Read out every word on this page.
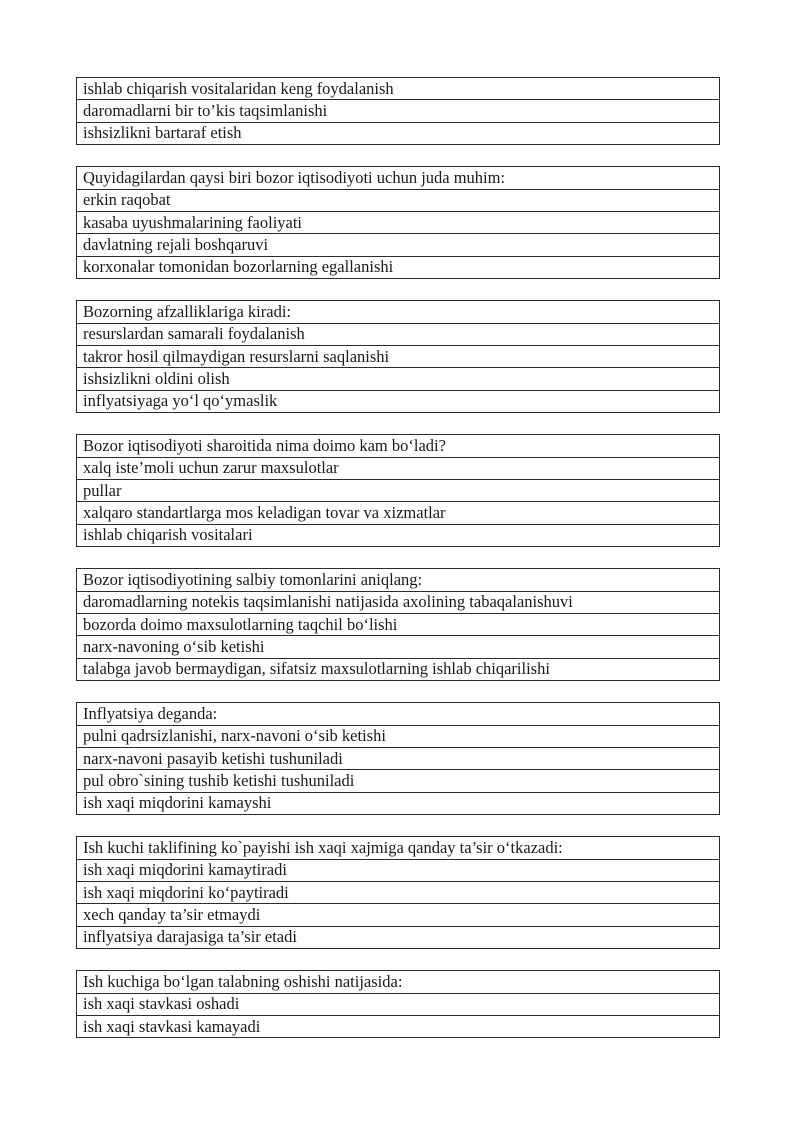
ishlab chiqarish vositalaridan keng foydalanish
daromadlarni bir to’kis taqsimlanishi
ishsizlikni bartaraf etish
Quyidagilardan qaysi biri bozor iqtisodiyoti uchun juda muhim:
erkin raqobat
kasaba uyushmalarining faoliyati
davlatning rejali boshqaruvi
korxonalar tomonidan bozorlarning egallanishi
Bozorning afzalliklariga kiradi:
resurslardan samarali foydalanish
takror hosil qilmaydigan resurslarni saqlanishi
ishsizlikni oldini olish
inflyatsiyaga yo‘l qo‘ymaslik
Bozor iqtisodiyoti sharoitida nima doimo kam bo‘ladi?
xalq iste’moli uchun zarur maxsulotlar
pullar
xalqaro standartlarga mos keladigan tovar va xizmatlar
ishlab chiqarish vositalari
Bozor iqtisodiyotining salbiy tomonlarini aniqlang:
daromadlarning notekis taqsimlanishi natijasida axolining tabaqalanishuvi
bozorda doimo maxsulotlarning taqchil bo‘lishi
narx-navoning o‘sib ketishi
talabga javob bermaydigan, sifatsiz maxsulotlarning ishlab chiqarilishi
Inflyatsiya deganda:
pulni qadrsizlanishi, narx-navoni o‘sib ketishi
narx-navoni pasayib ketishi tushuniladi
pul obro`sining tushib ketishi tushuniladi
ish xaqi miqdorini kamayshi
Ish kuchi taklifining ko`payishi ish xaqi xajmiga qanday ta’sir o‘tkazadi:
ish xaqi miqdorini kamaytiradi
ish xaqi miqdorini ko‘paytiradi
xech qanday ta’sir etmaydi
inflyatsiya darajasiga ta’sir etadi
Ish kuchiga bo‘lgan talabning oshishi natijasida:
ish xaqi stavkasi oshadi
ish xaqi stavkasi kamayadi
